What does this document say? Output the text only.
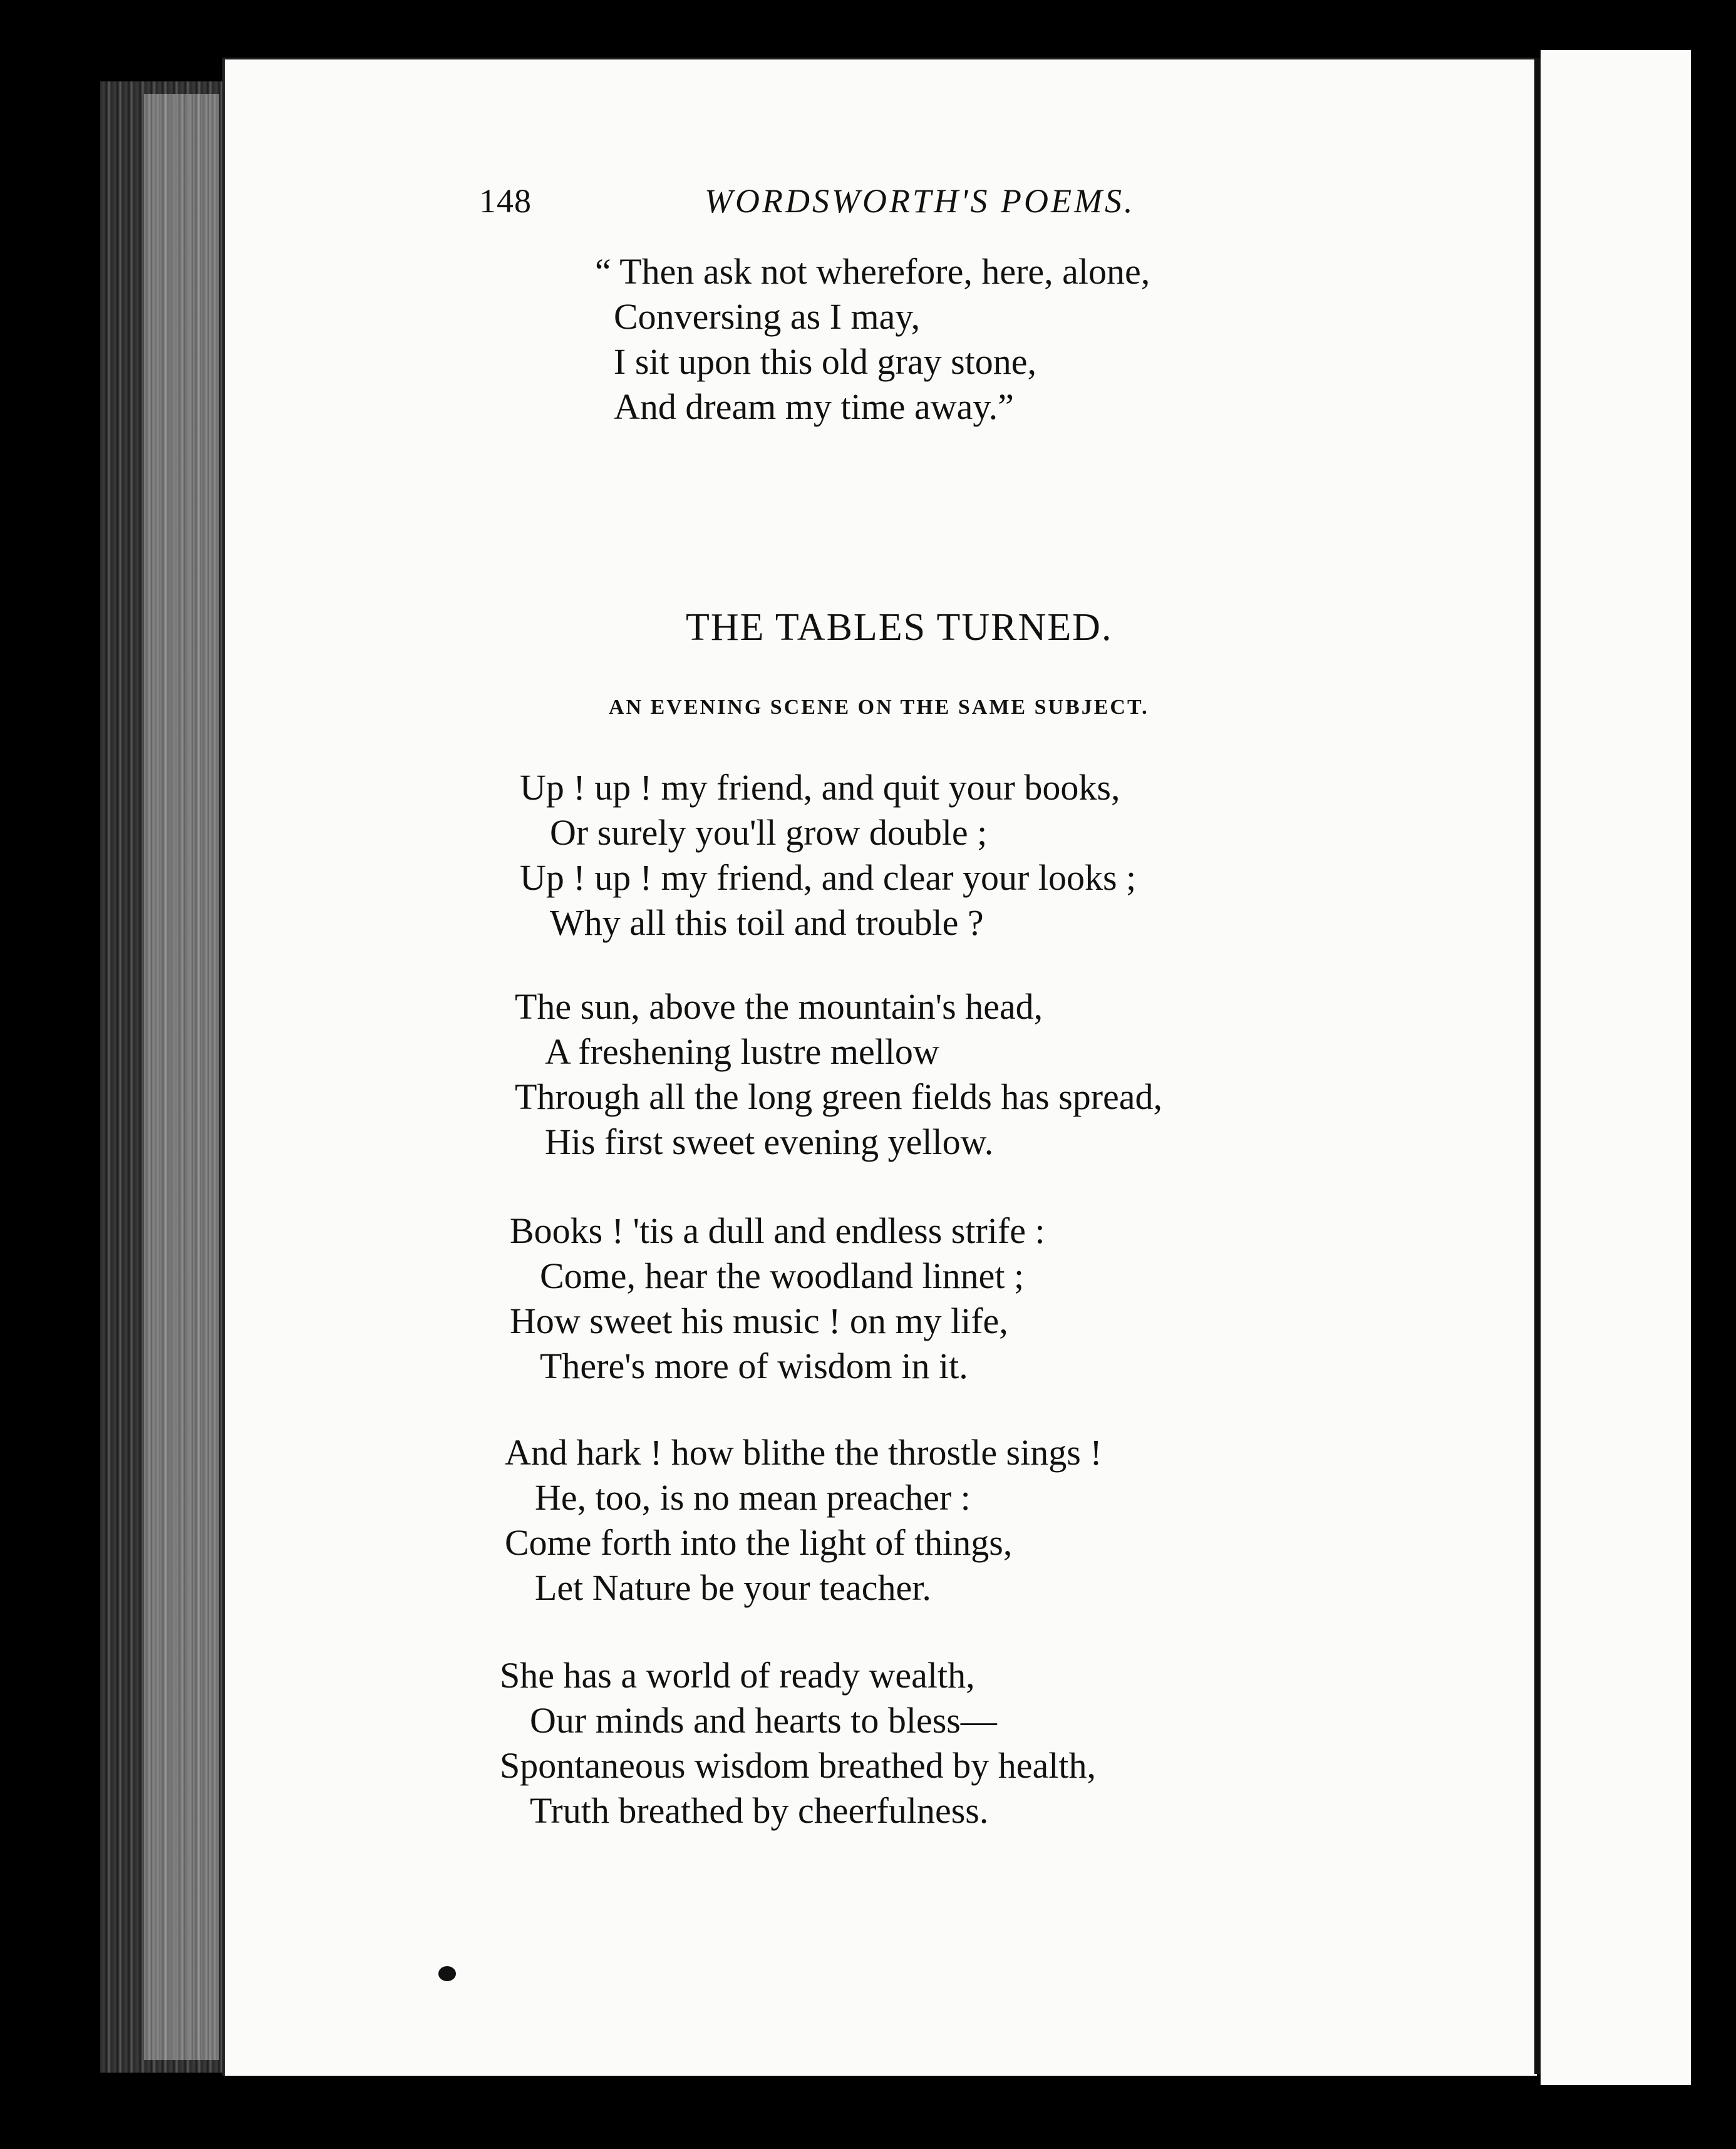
148	WORDSWORTH'S POEMS.
“ Then ask not wherefore, here, alone,
Conversing as I may,
I sit upon this old gray stone,
And dream my time away.”
THE TABLES TURNED.
AN EVENING SCENE ON THE SAME SUBJECT.
Up ! up ! my friend, and quit your books,
Or surely you'll grow double ;
Up ! up ! my friend, and clear your looks ;
Why all this toil and trouble ?
The sun, above the mountain's head,
A freshening lustre mellow
Through all the long green fields has spread,
His first sweet evening yellow.
Books ! 'tis a dull and endless strife :
Come, hear the woodland linnet ;
How sweet his music ! on my life,
There's more of wisdom in it.
And hark ! how blithe the throstle sings !
He, too, is no mean preacher :
Come forth into the light of things,
Let Nature be your teacher.
She has a world of ready wealth,
Our minds and hearts to bless—
Spontaneous wisdom breathed by health,
Truth breathed by cheerfulness.
